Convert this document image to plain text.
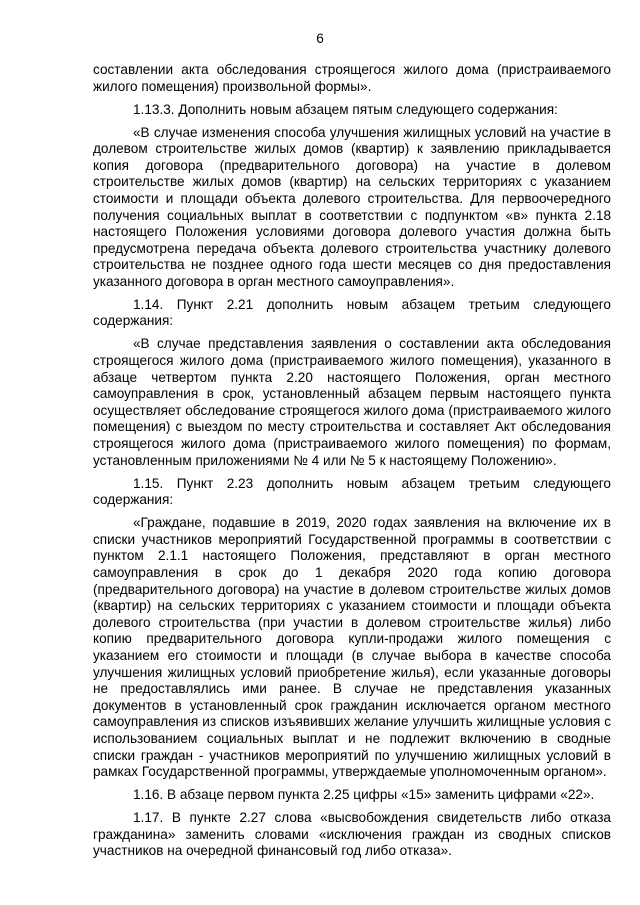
6

составлении акта обследования строящегося жилого дома (пристраиваемого жилого помещения) произвольной формы».

1.13.3. Дополнить новым абзацем пятым следующего содержания:

«В случае изменения способа улучшения жилищных условий на участие в долевом строительстве жилых домов (квартир) к заявлению прикладывается копия договора (предварительного договора) на участие в долевом строительстве жилых домов (квартир) на сельских территориях с указанием стоимости и площади объекта долевого строительства. Для первоочередного получения социальных выплат в соответствии с подпунктом «в» пункта 2.18 настоящего Положения условиями договора долевого участия должна быть предусмотрена передача объекта долевого строительства участнику долевого строительства не позднее одного года шести месяцев со дня предоставления указанного договора в орган местного самоуправления».

1.14. Пункт 2.21 дополнить новым абзацем третьим следующего содержания:

«В случае представления заявления о составлении акта обследования строящегося жилого дома (пристраиваемого жилого помещения), указанного в абзаце четвертом пункта 2.20 настоящего Положения, орган местного самоуправления в срок, установленный абзацем первым настоящего пункта осуществляет обследование строящегося жилого дома (пристраиваемого жилого помещения) с выездом по месту строительства и составляет Акт обследования строящегося жилого дома (пристраиваемого жилого помещения) по формам, установленным приложениями № 4 или № 5 к настоящему Положению».

1.15. Пункт 2.23 дополнить новым абзацем третьим следующего содержания:

«Граждане, подавшие в 2019, 2020 годах заявления на включение их в списки участников мероприятий Государственной программы в соответствии с пунктом 2.1.1 настоящего Положения, представляют в орган местного самоуправления в срок до 1 декабря 2020 года копию договора (предварительного договора) на участие в долевом строительстве жилых домов (квартир) на сельских территориях с указанием стоимости и площади объекта долевого строительства (при участии в долевом строительстве жилья) либо копию предварительного договора купли-продажи жилого помещения с указанием его стоимости и площади (в случае выбора в качестве способа улучшения жилищных условий приобретение жилья), если указанные договоры не предоставлялись ими ранее. В случае не представления указанных документов в установленный срок гражданин исключается органом местного самоуправления из списков изъявивших желание улучшить жилищные условия с использованием социальных выплат и не подлежит включению в сводные списки граждан - участников мероприятий по улучшению жилищных условий в рамках Государственной программы, утверждаемые уполномоченным органом».

1.16. В абзаце первом пункта 2.25 цифры «15» заменить цифрами «22».

1.17. В пункте 2.27 слова «высвобождения свидетельств либо отказа гражданина» заменить словами «исключения граждан из сводных списков участников на очередной финансовый год либо отказа».
